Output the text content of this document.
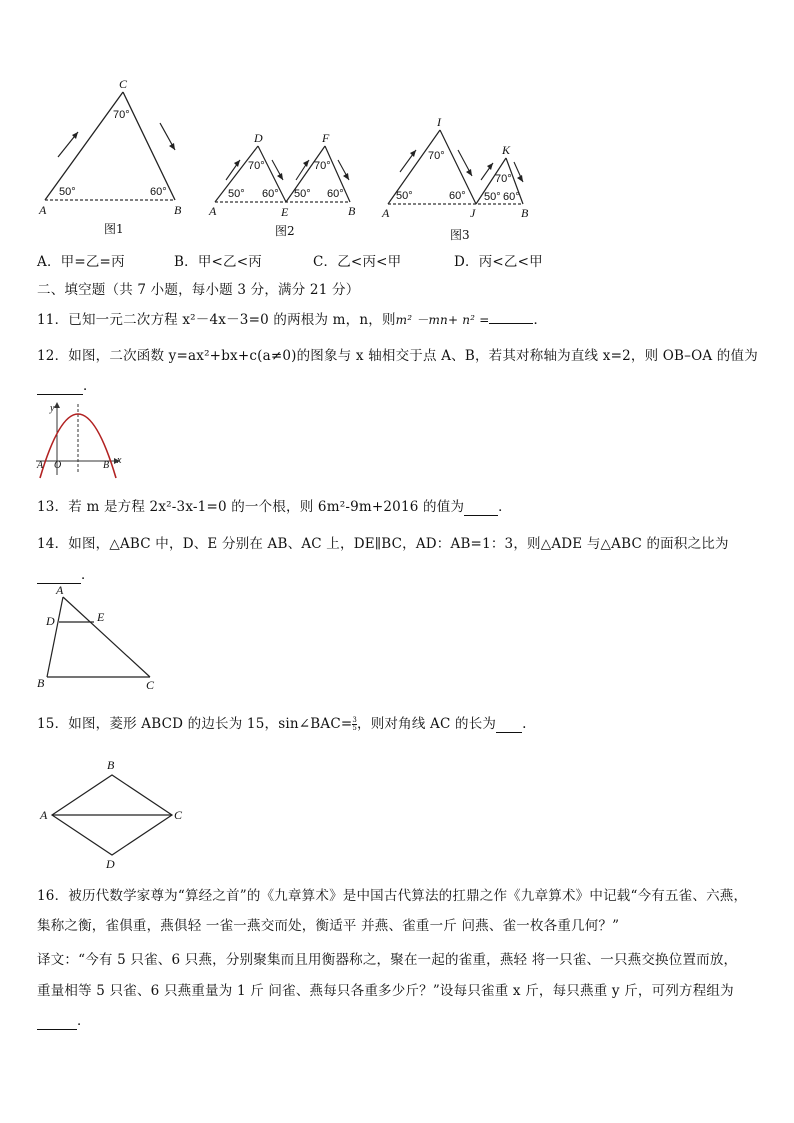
C
70°
50°	60°
A	B
图1
D	F
70°	70°
50° 60° 50° 60°
A	E	B
图2
I
K
70°
70°
50°	60° 50° 60°
A	J	B
图3
A．甲=乙=丙	B．甲<乙<丙	C．乙<丙<甲	D．丙<乙<甲
二、填空题（共 7 小题，每小题 3 分，满分 21 分）
11．已知一元二次方程 x²－4x－3=0 的两根为 m，n，则m² －mn+ n² =	．
12．如图，二次函数 y=ax²+bx+c(a≠0)的图象与 x 轴相交于点 A、B，若其对称轴为直线 x=2，则 OB–OA 的值为
．
y
x
O
A	B
13．若 m 是方程 2x²-3x-1=0 的一个根，则 6m²-9m+2016 的值为	．
14．如图，△ABC 中，D、E 分别在 AB、AC 上，DE∥BC，AD：AB=1：3，则△ADE 与△ABC 的面积之比为
．
A
D	E
B	C
15．如图，菱形 ABCD 的边长为 15，sin∠BAC= $\frac{3}{5}$ ，则对角线 AC 的长为 .
B
A	C
D
16．被历代数学家尊为“算经之首”的《九章算术》是中国古代算法的扛鼎之作《九章算术》中记载“今有五雀、六燕，
集称之衡，雀俱重，燕俱轻 一雀一燕交而处，衡适平 并燕、雀重一斤 问燕、雀一枚各重几何？”
译文：“今有 5 只雀、6 只燕，分别聚集而且用衡器称之，聚在一起的雀重，燕轻 将一只雀、一只燕交换位置而放，
重量相等 5 只雀、6 只燕重量为 1 斤 问雀、燕每只各重多少斤？”设每只雀重 x 斤，每只燕重 y 斤，可列方程组为
．
